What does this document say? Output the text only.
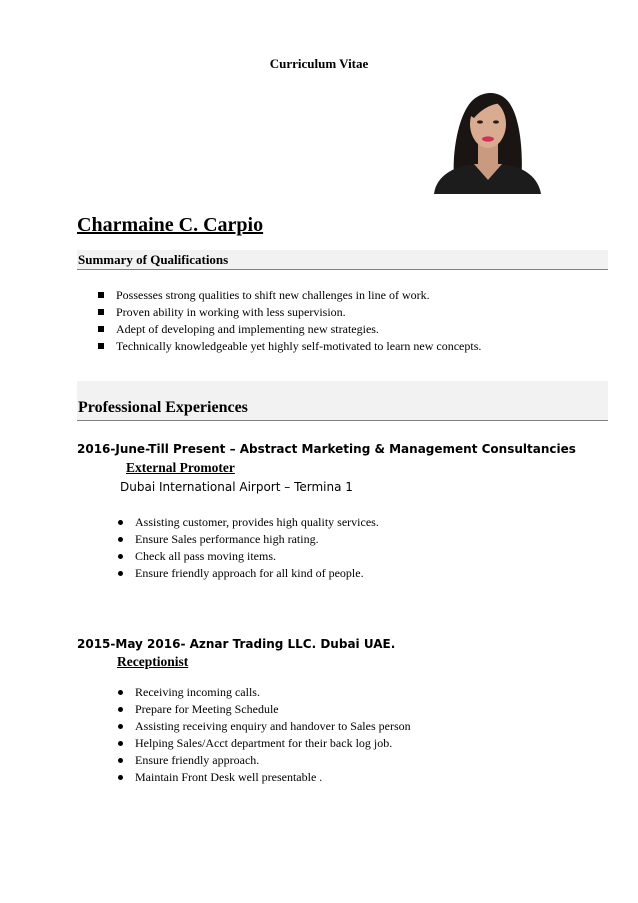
Curriculum Vitae
Charmaine C. Carpio
Summary of Qualifications
Possesses strong qualities to shift new challenges in line of work.
Proven ability in working with less supervision.
Adept of developing and implementing new strategies.
Technically knowledgeable yet highly self-motivated to learn new concepts.
Professional Experiences
2016-June-Till Present – Abstract Marketing & Management Consultancies
External Promoter
Dubai International Airport – Termina 1
Assisting customer, provides high quality services.
Ensure Sales performance high rating.
Check all pass moving items.
Ensure friendly approach for all kind of people.
2015-May 2016- Aznar Trading LLC. Dubai UAE.
Receptionist
Receiving incoming calls.
Prepare for Meeting Schedule
Assisting receiving enquiry and handover to Sales person
Helping Sales/Acct department for their back log job.
Ensure friendly approach.
Maintain Front Desk well presentable .
